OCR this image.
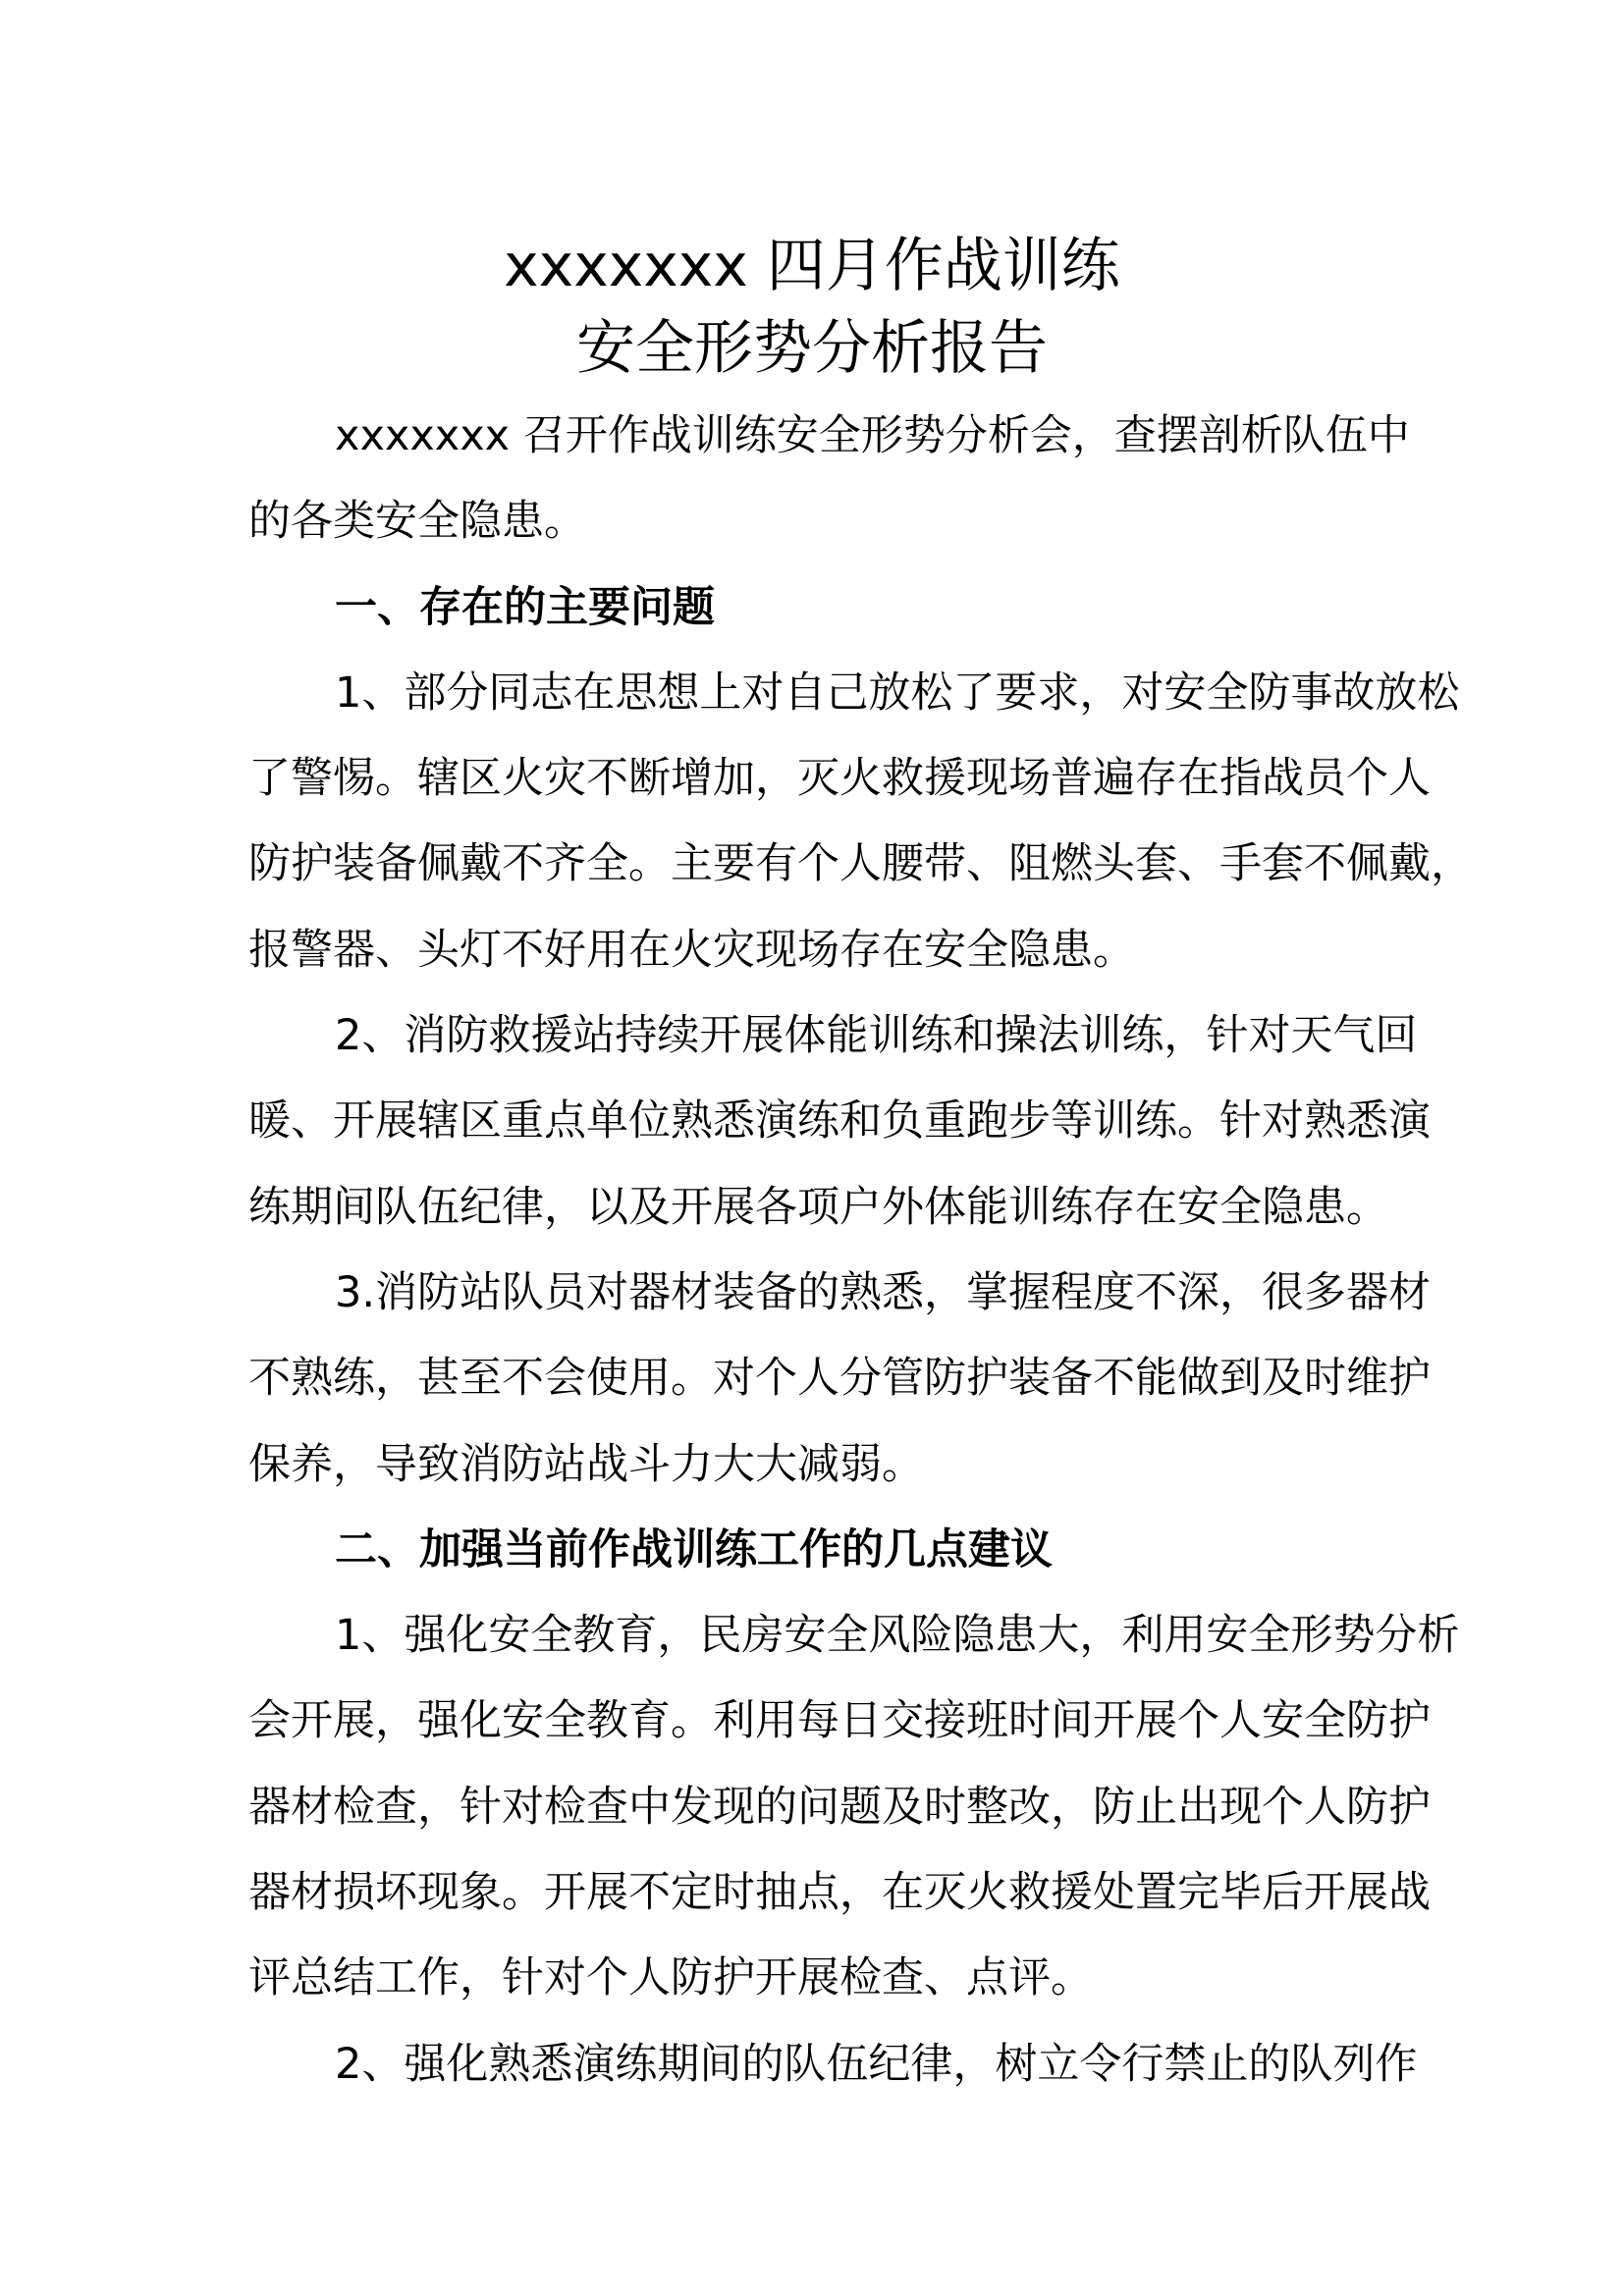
xxxxxxx 四月作战训练
安全形势分析报告
xxxxxxx 召开作战训练安全形势分析会，查摆剖析队伍中
的各类安全隐患。
一、存在的主要问题
1、部分同志在思想上对自己放松了要求，对安全防事故放松
了警惕。辖区火灾不断增加，灭火救援现场普遍存在指战员个人
防护装备佩戴不齐全。主要有个人腰带、阻燃头套、手套不佩戴，
报警器、头灯不好用在火灾现场存在安全隐患。
2、消防救援站持续开展体能训练和操法训练，针对天气回
暖、开展辖区重点单位熟悉演练和负重跑步等训练。针对熟悉演
练期间队伍纪律，以及开展各项户外体能训练存在安全隐患。
3.消防站队员对器材装备的熟悉，掌握程度不深，很多器材
不熟练，甚至不会使用。对个人分管防护装备不能做到及时维护
保养，导致消防站战斗力大大减弱。
二、加强当前作战训练工作的几点建议
1、强化安全教育，民房安全风险隐患大，利用安全形势分析
会开展，强化安全教育。利用每日交接班时间开展个人安全防护
器材检查，针对检查中发现的问题及时整改，防止出现个人防护
器材损坏现象。开展不定时抽点，在灭火救援处置完毕后开展战
评总结工作，针对个人防护开展检查、点评。
2、强化熟悉演练期间的队伍纪律，树立令行禁止的队列作
